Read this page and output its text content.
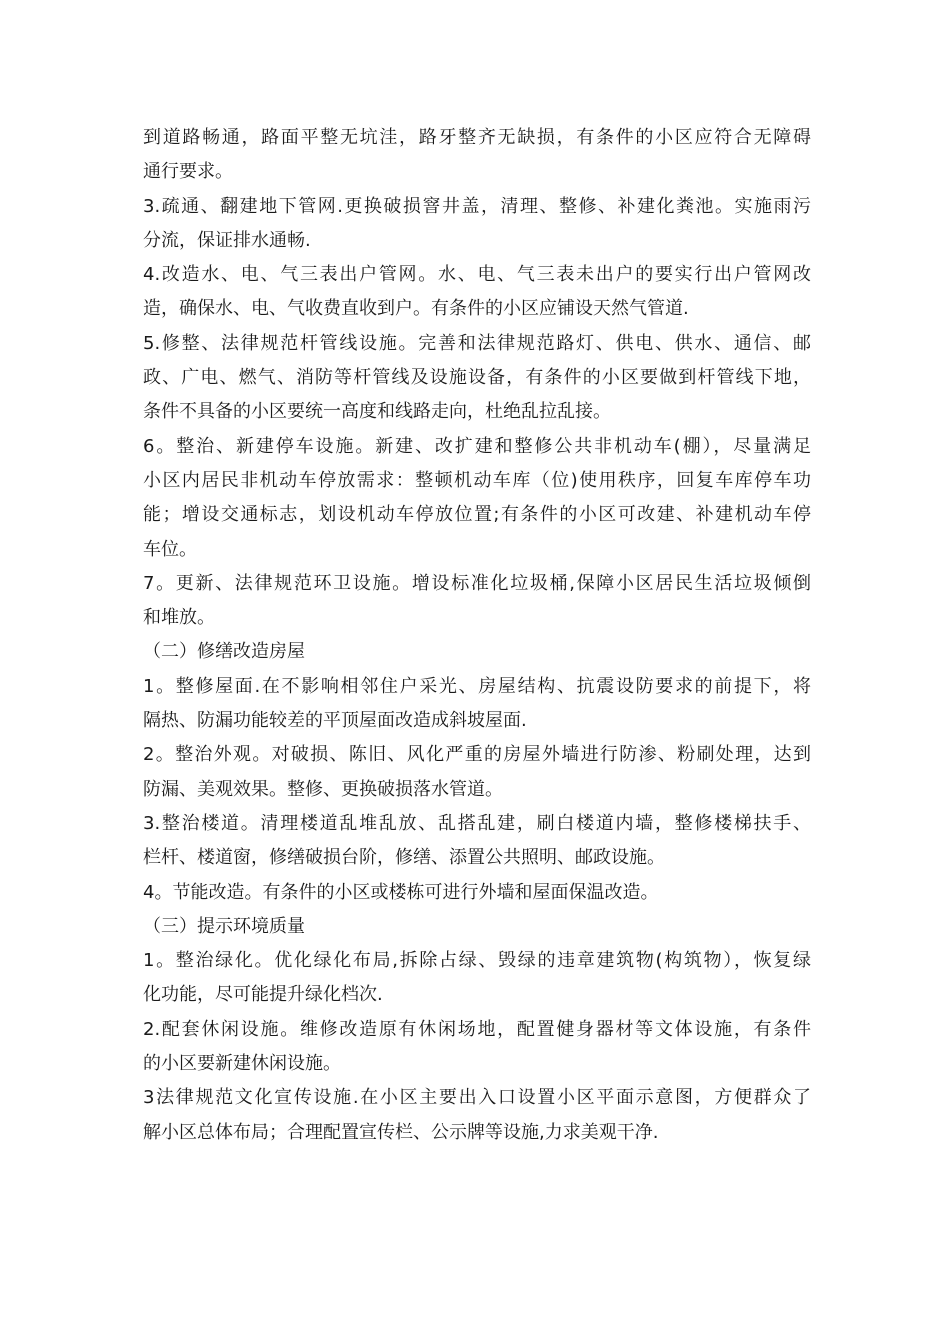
到道路畅通，路面平整无坑洼，路牙整齐无缺损，有条件的小区应符合无障碍
通行要求。
3.疏通、翻建地下管网.更换破损窨井盖，清理、整修、补建化粪池。实施雨污
分流，保证排水通畅.
4.改造水、电、气三表出户管网。水、电、气三表未出户的要实行出户管网改
造，确保水、电、气收费直收到户。有条件的小区应铺设天然气管道.
5.修整、法律规范杆管线设施。完善和法律规范路灯、供电、供水、通信、邮
政、广电、燃气、消防等杆管线及设施设备，有条件的小区要做到杆管线下地，
条件不具备的小区要统一高度和线路走向，杜绝乱拉乱接。
6。整治、新建停车设施。新建、改扩建和整修公共非机动车(棚），尽量满足
小区内居民非机动车停放需求：整顿机动车库（位)使用秩序，回复车库停车功
能；增设交通标志，划设机动车停放位置;有条件的小区可改建、补建机动车停
车位。
7。更新、法律规范环卫设施。增设标准化垃圾桶,保障小区居民生活垃圾倾倒
和堆放。
（二）修缮改造房屋
1。整修屋面.在不影响相邻住户采光、房屋结构、抗震设防要求的前提下，将
隔热、防漏功能较差的平顶屋面改造成斜坡屋面.
2。整治外观。对破损、陈旧、风化严重的房屋外墙进行防渗、粉刷处理，达到
防漏、美观效果。整修、更换破损落水管道。
3.整治楼道。清理楼道乱堆乱放、乱搭乱建，刷白楼道内墙，整修楼梯扶手、
栏杆、楼道窗，修缮破损台阶，修缮、添置公共照明、邮政设施。
4。节能改造。有条件的小区或楼栋可进行外墙和屋面保温改造。
（三）提示环境质量
1。整治绿化。优化绿化布局,拆除占绿、毁绿的违章建筑物(构筑物），恢复绿
化功能，尽可能提升绿化档次.
2.配套休闲设施。维修改造原有休闲场地，配置健身器材等文体设施，有条件
的小区要新建休闲设施。
3法律规范文化宣传设施.在小区主要出入口设置小区平面示意图，方便群众了
解小区总体布局；合理配置宣传栏、公示牌等设施,力求美观干净.
